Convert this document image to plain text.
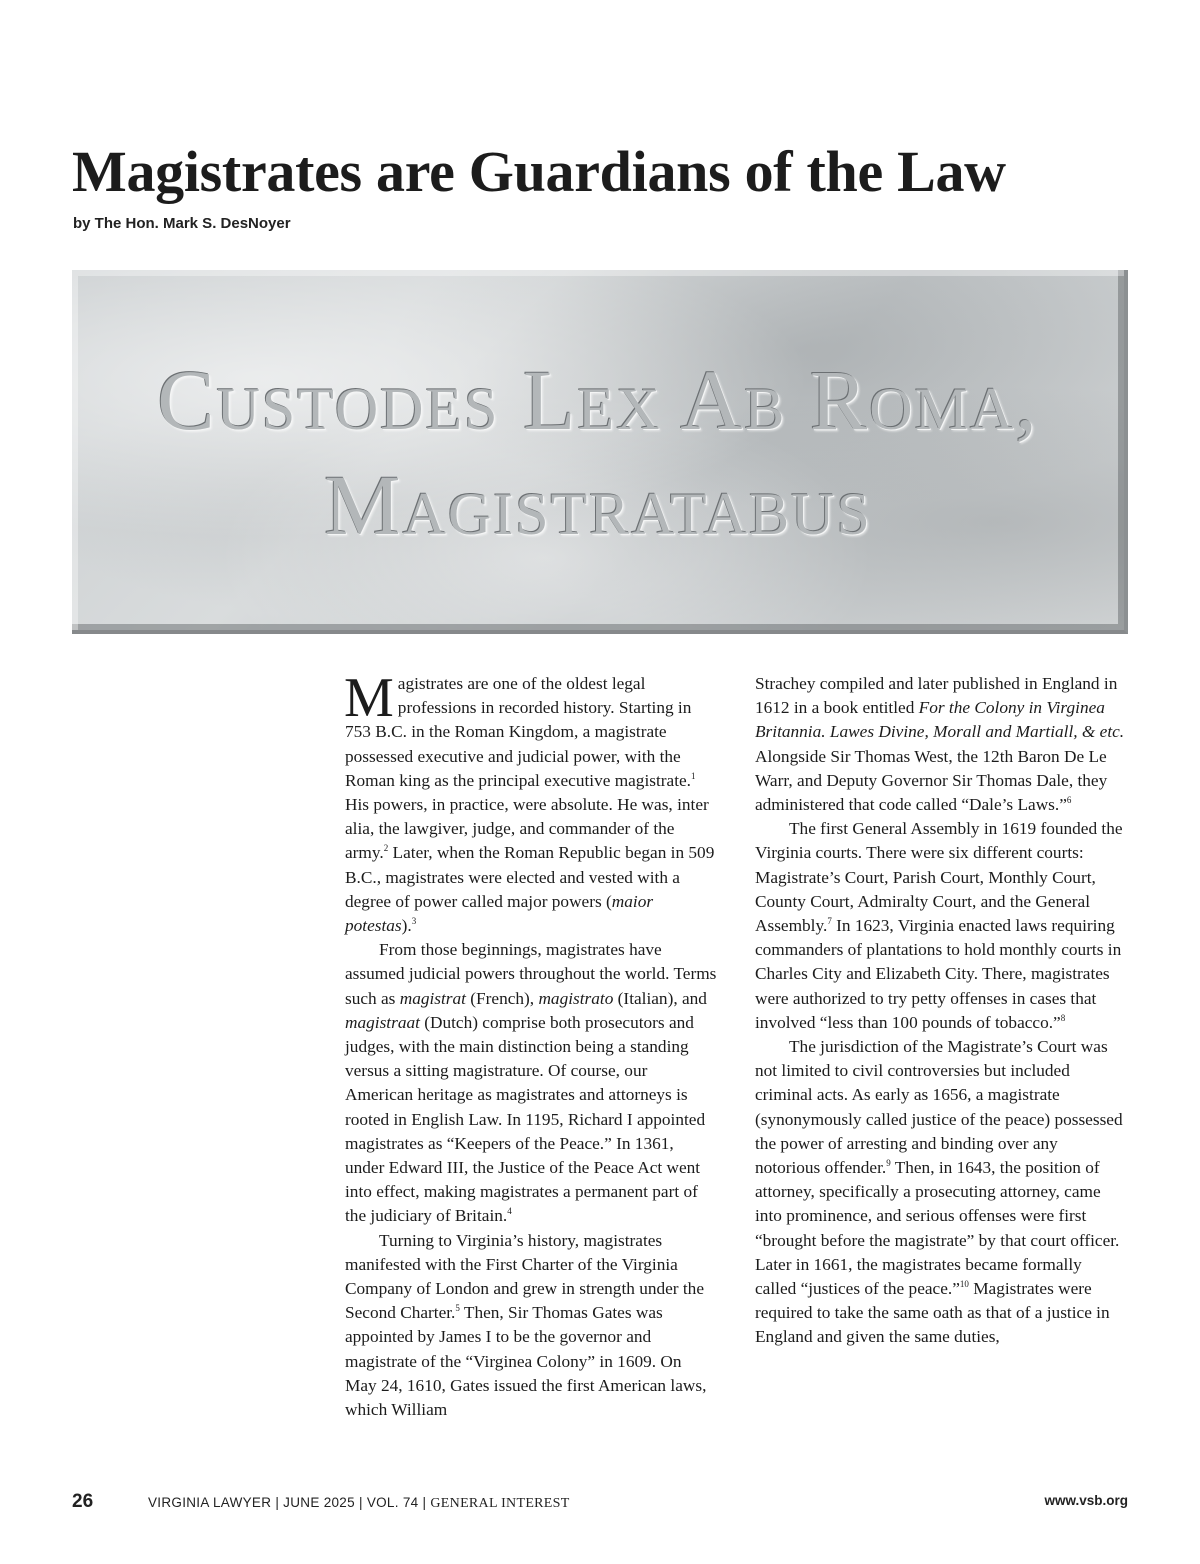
Magistrates are Guardians of the Law
by The Hon. Mark S. DesNoyer
Custodes Lex Ab Roma,
Magistratabus

Magistrates are one of the oldest legal professions in recorded history. Starting in 753 B.C. in the Roman Kingdom, a magistrate possessed executive and judicial power, with the Roman king as the principal executive magistrate.$^1$ His powers, in practice, were absolute. He was, inter alia, the lawgiver, judge, and commander of the army.$^2$ Later, when the Roman Republic began in 509 B.C., magistrates were elected and vested with a degree of power called major powers (maior potestas).$^3$

From those beginnings, magistrates have assumed judicial powers throughout the world. Terms such as magistrat (French), magistrato (Italian), and magistraat (Dutch) comprise both prosecutors and judges, with the main distinction being a standing versus a sitting magistrature. Of course, our American heritage as magistrates and attorneys is rooted in English Law. In 1195, Richard I appointed magistrates as “Keepers of the Peace.” In 1361, under Edward III, the Justice of the Peace Act went into effect, making magistrates a permanent part of the judiciary of Britain.$^4$

Turning to Virginia’s history, magistrates manifested with the First Charter of the Virginia Company of London and grew in strength under the Second Charter.$^5$ Then, Sir Thomas Gates was appointed by James I to be the governor and magistrate of the “Virginea Colony” in 1609. On May 24, 1610, Gates issued the first American laws, which William

Strachey compiled and later published in England in 1612 in a book entitled For the Colony in Virginea Britannia. Lawes Divine, Morall and Martiall, & etc. Alongside Sir Thomas West, the 12th Baron De Le Warr, and Deputy Governor Sir Thomas Dale, they administered that code called “Dale’s Laws.”$^6$

The first General Assembly in 1619 founded the Virginia courts. There were six different courts: Magistrate’s Court, Parish Court, Monthly Court, County Court, Admiralty Court, and the General Assembly.$^7$ In 1623, Virginia enacted laws requiring commanders of plantations to hold monthly courts in Charles City and Elizabeth City. There, magistrates were authorized to try petty offenses in cases that involved “less than 100 pounds of tobacco.”$^8$

The jurisdiction of the Magistrate’s Court was not limited to civil controversies but included criminal acts. As early as 1656, a magistrate (synonymously called justice of the peace) possessed the power of arresting and binding over any notorious offender.$^9$ Then, in 1643, the position of attorney, specifically a prosecuting attorney, came into prominence, and serious offenses were first “brought before the magistrate” by that court officer. Later in 1661, the magistrates became formally called “justices of the peace.”$^{10}$ Magistrates were required to take the same oath as that of a justice in England and given the same duties,

26	VIRGINIA LAWYER | JUNE 2025 | VOL. 74 | GENERAL INTEREST	www.vsb.org
